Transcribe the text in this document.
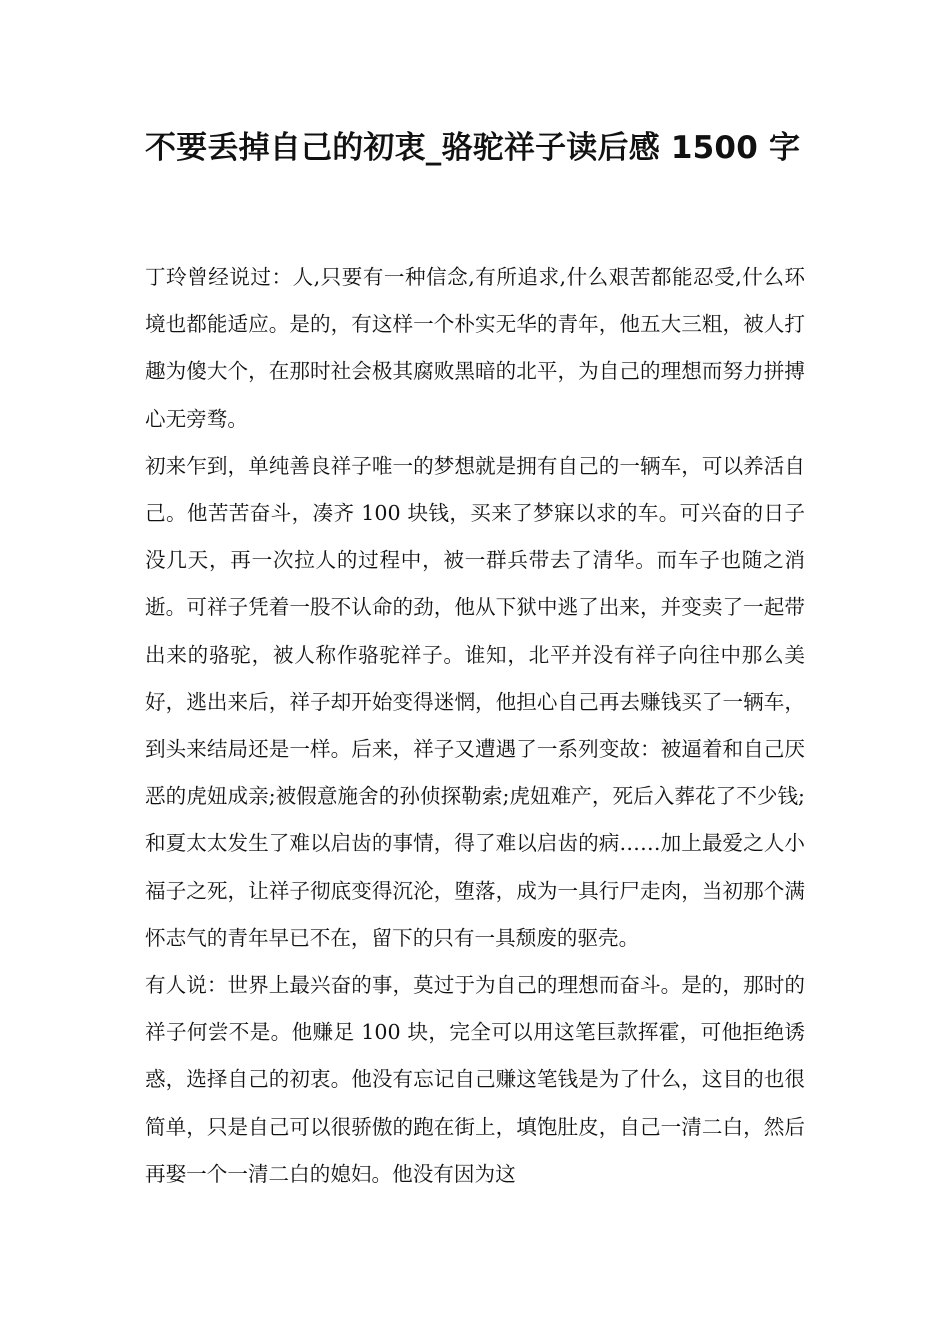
不要丢掉自己的初衷_骆驼祥子读后感 1500 字

丁玲曾经说过：人,只要有一种信念,有所追求,什么艰苦都能忍受,什么环境也都能适应。是的，有这样一个朴实无华的青年，他五大三粗，被人打趣为傻大个，在那时社会极其腐败黑暗的北平，为自己的理想而努力拼搏心无旁骛。

初来乍到，单纯善良祥子唯一的梦想就是拥有自己的一辆车，可以养活自己。他苦苦奋斗，凑齐 100 块钱，买来了梦寐以求的车。可兴奋的日子没几天，再一次拉人的过程中，被一群兵带去了清华。而车子也随之消逝。可祥子凭着一股不认命的劲，他从下狱中逃了出来，并变卖了一起带出来的骆驼，被人称作骆驼祥子。谁知，北平并没有祥子向往中那么美好，逃出来后，祥子却开始变得迷惘，他担心自己再去赚钱买了一辆车，到头来结局还是一样。后来，祥子又遭遇了一系列变故：被逼着和自己厌恶的虎妞成亲;被假意施舍的孙侦探勒索;虎妞难产，死后入葬花了不少钱;和夏太太发生了难以启齿的事情，得了难以启齿的病……加上最爱之人小福子之死，让祥子彻底变得沉沦，堕落，成为一具行尸走肉，当初那个满怀志气的青年早已不在，留下的只有一具颓废的驱壳。

有人说：世界上最兴奋的事，莫过于为自己的理想而奋斗。是的，那时的祥子何尝不是。他赚足 100 块，完全可以用这笔巨款挥霍，可他拒绝诱惑，选择自己的初衷。他没有忘记自己赚这笔钱是为了什么，这目的也很简单，只是自己可以很骄傲的跑在街上，填饱肚皮，自己一清二白，然后再娶一个一清二白的媳妇。他没有因为这
